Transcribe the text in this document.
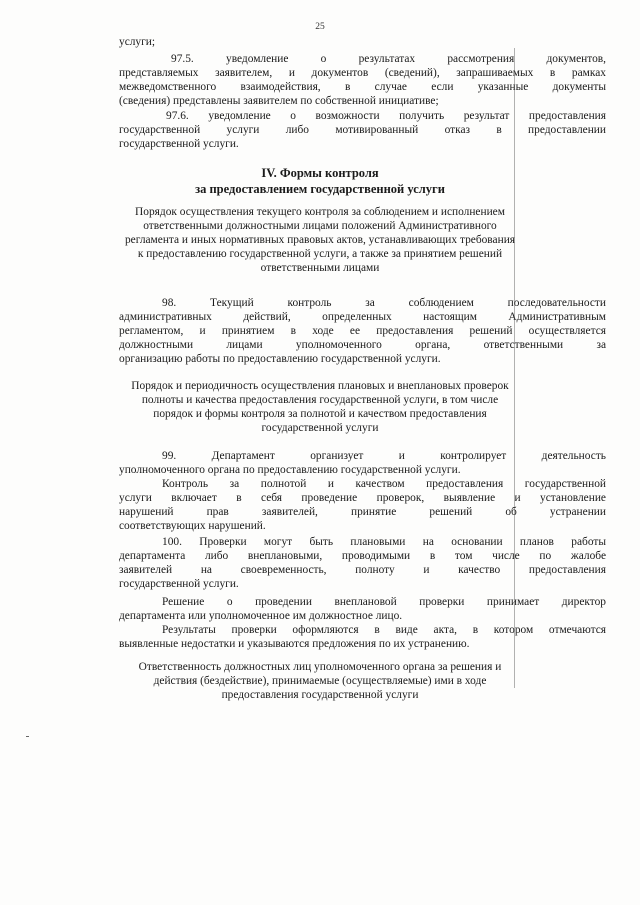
25
услуги;
97.5. уведомление о результатах рассмотрения документов,
представляемых заявителем, и документов (сведений), запрашиваемых в рамках
межведомственного взаимодействия, в случае если указанные документы
(сведения) представлены заявителем по собственной инициативе;
97.6. уведомление о возможности получить результат предоставления
государственной услуги либо мотивированный отказ в предоставлении
государственной услуги.
IV. Формы контроля
за предоставлением государственной услуги
Порядок осуществления текущего контроля за соблюдением и исполнением
ответственными должностными лицами положений Административного
регламента и иных нормативных правовых актов, устанавливающих требования
к предоставлению государственной услуги, а также за принятием решений
ответственными лицами
98. Текущий контроль за соблюдением последовательности
административных действий, определенных настоящим Административным
регламентом, и принятием в ходе ее предоставления решений осуществляется
должностными лицами уполномоченного органа, ответственными за
организацию работы по предоставлению государственной услуги.
Порядок и периодичность осуществления плановых и внеплановых проверок
полноты и качества предоставления государственной услуги, в том числе
порядок и формы контроля за полнотой и качеством предоставления
государственной услуги
99. Департамент организует и контролирует деятельность
уполномоченного органа по предоставлению государственной услуги.
Контроль за полнотой и качеством предоставления государственной
услуги включает в себя проведение проверок, выявление и установление
нарушений прав заявителей, принятие решений об устранении
соответствующих нарушений.
100. Проверки могут быть плановыми на основании планов работы
департамента либо внеплановыми, проводимыми в том числе по жалобе
заявителей на своевременность, полноту и качество предоставления
государственной услуги.
Решение о проведении внеплановой проверки принимает директор
департамента или уполномоченное им должностное лицо.
Результаты проверки оформляются в виде акта, в котором отмечаются
выявленные недостатки и указываются предложения по их устранению.
Ответственность должностных лиц уполномоченного органа за решения и
действия (бездействие), принимаемые (осуществляемые) ими в ходе
предоставления государственной услуги
